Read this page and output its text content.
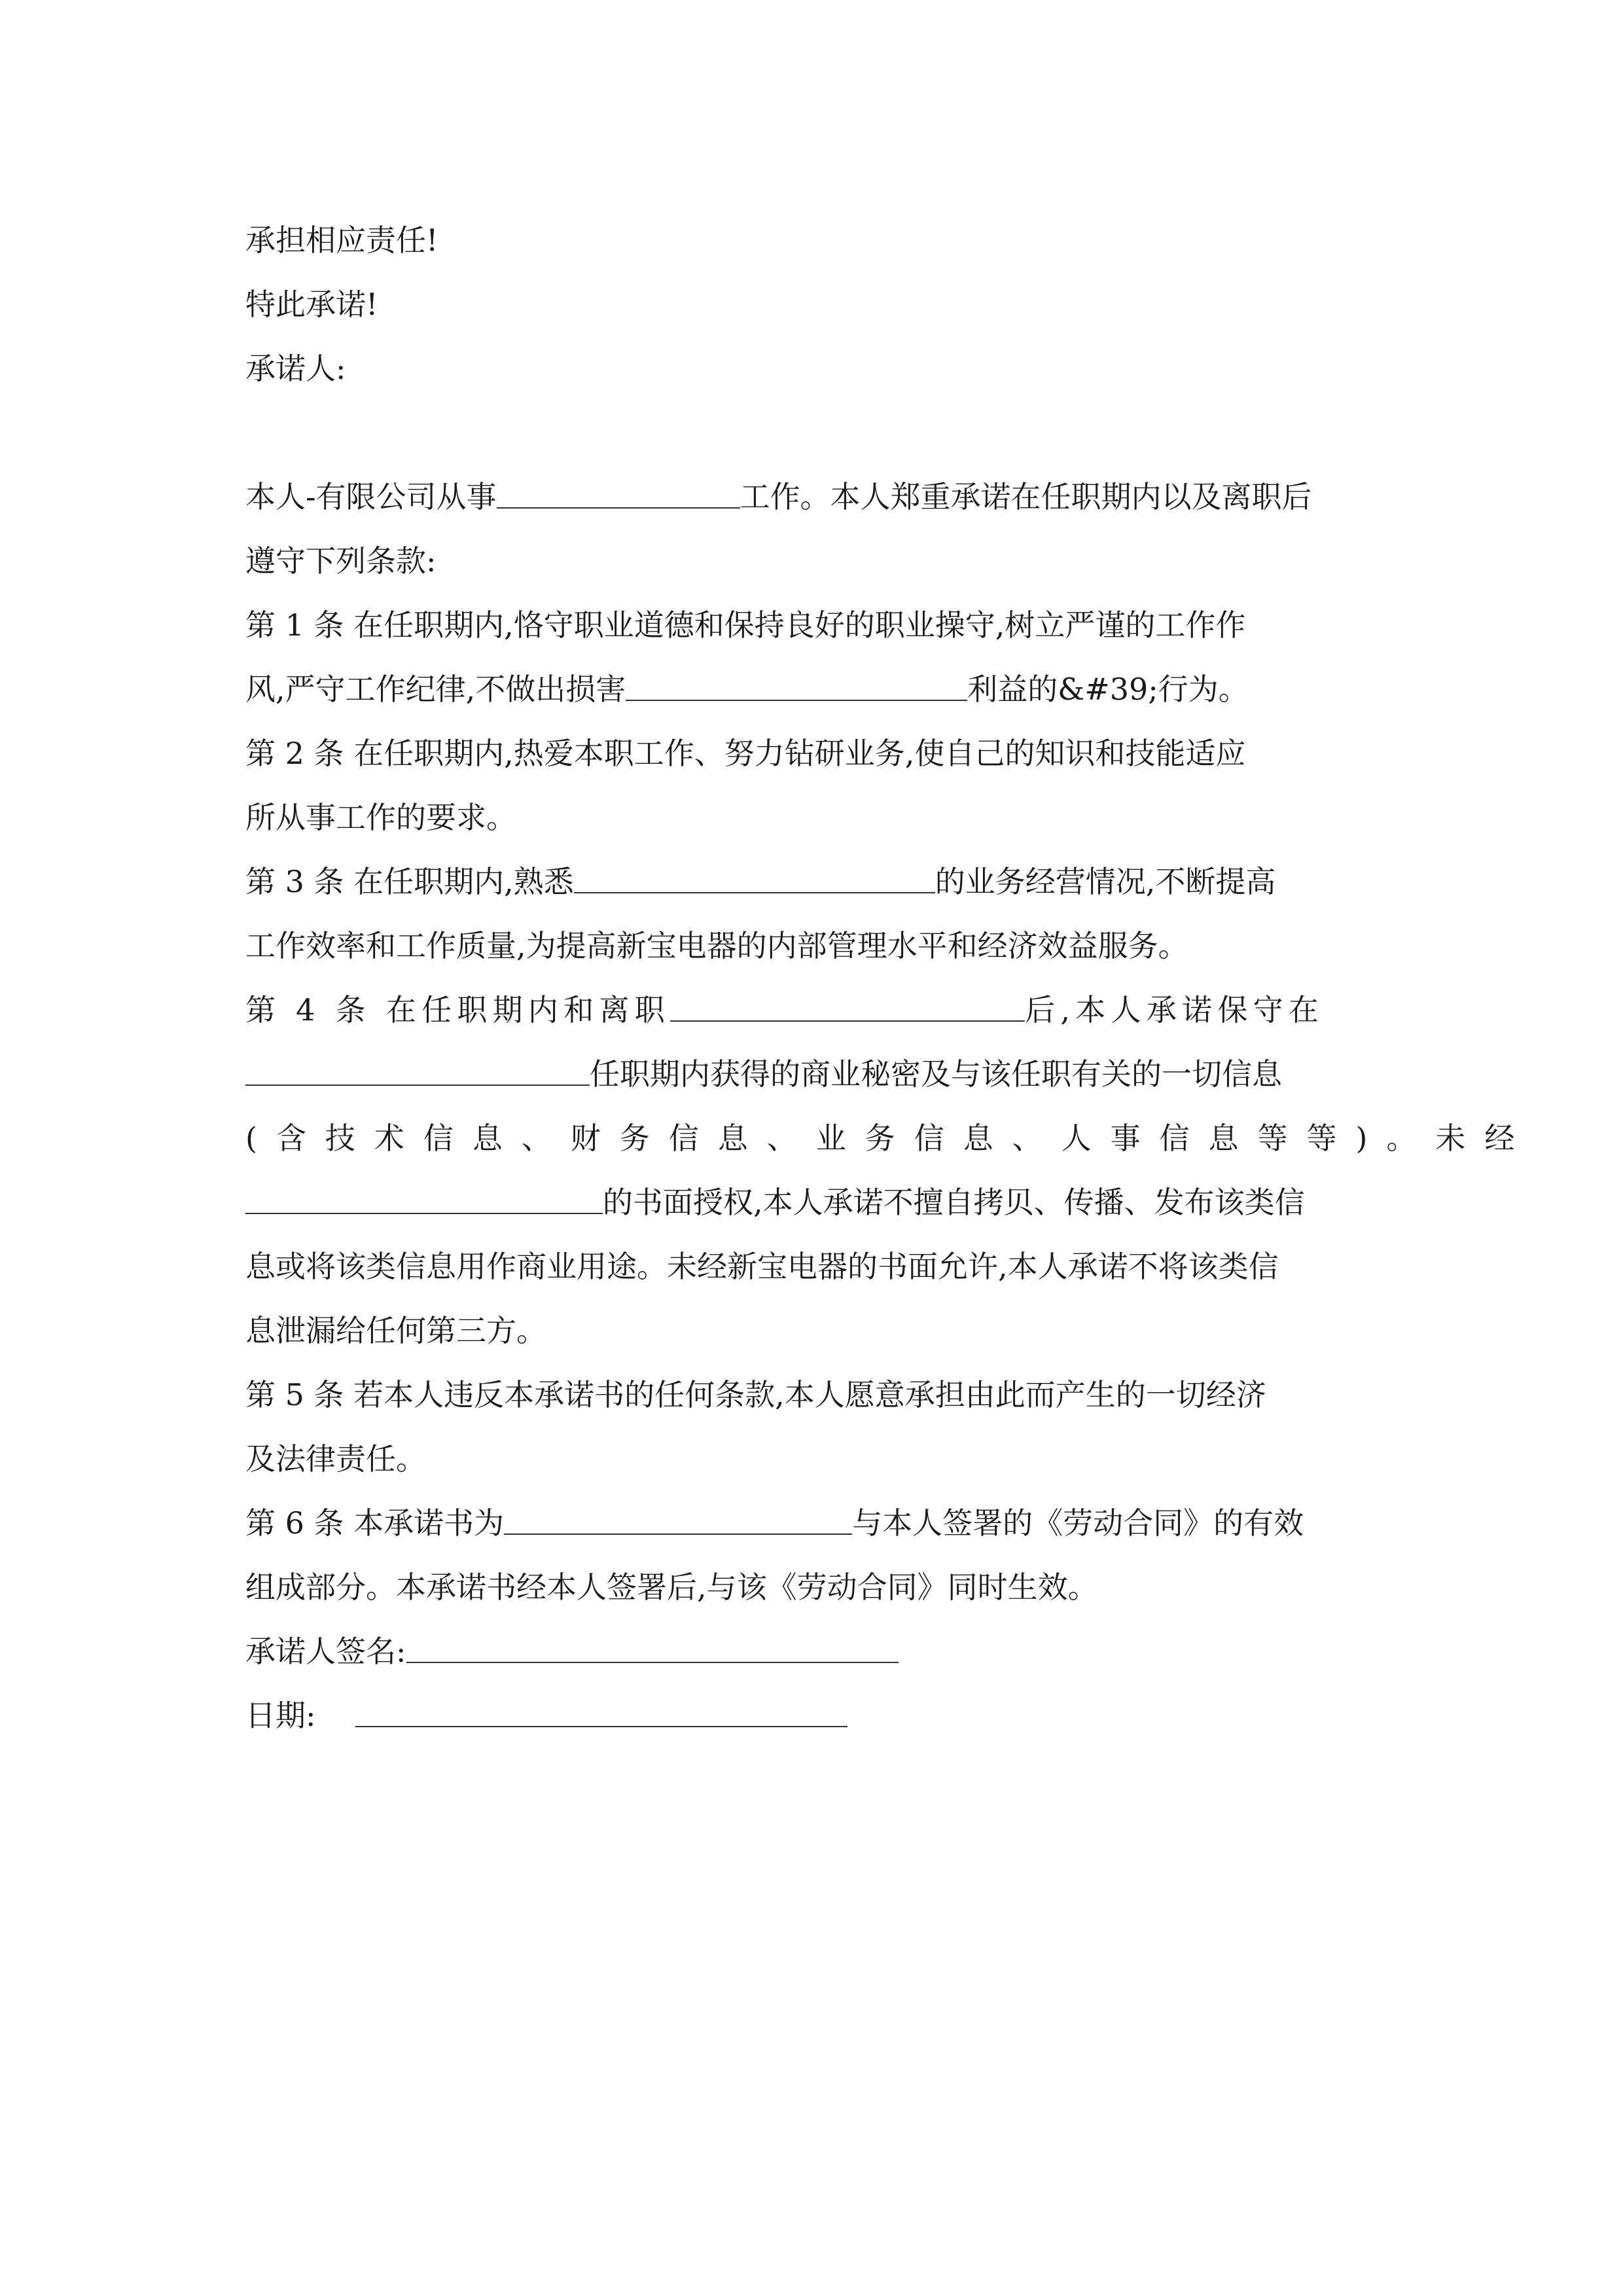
承担相应责任!
特此承诺!
承诺人:
本人-有限公司从事	工作。本人郑重承诺在任职期内以及离职后
遵守下列条款:
第 1 条 在任职期内,恪守职业道德和保持良好的职业操守,树立严谨的工作作
风,严守工作纪律,不做出损害	利益的&#39;行为。
第 2 条 在任职期内,热爱本职工作、努力钻研业务,使自己的知识和技能适应
所从事工作的要求。
第 3 条 在任职期内,熟悉	的业务经营情况,不断提高
工作效率和工作质量,为提高新宝电器的内部管理水平和经济效益服务。
第 4 条 在任职期内和离职	后,本人承诺保守在
任职期内获得的商业秘密及与该任职有关的一切信息
(含技术信息、财务信息、业务信息、人事信息等等)。未经
的书面授权,本人承诺不擅自拷贝、传播、发布该类信
息或将该类信息用作商业用途。未经新宝电器的书面允许,本人承诺不将该类信
息泄漏给任何第三方。
第 5 条 若本人违反本承诺书的任何条款,本人愿意承担由此而产生的一切经济
及法律责任。
第 6 条 本承诺书为	与本人签署的《劳动合同》的有效
组成部分。本承诺书经本人签署后,与该《劳动合同》同时生效。
承诺人签名:
日期:
